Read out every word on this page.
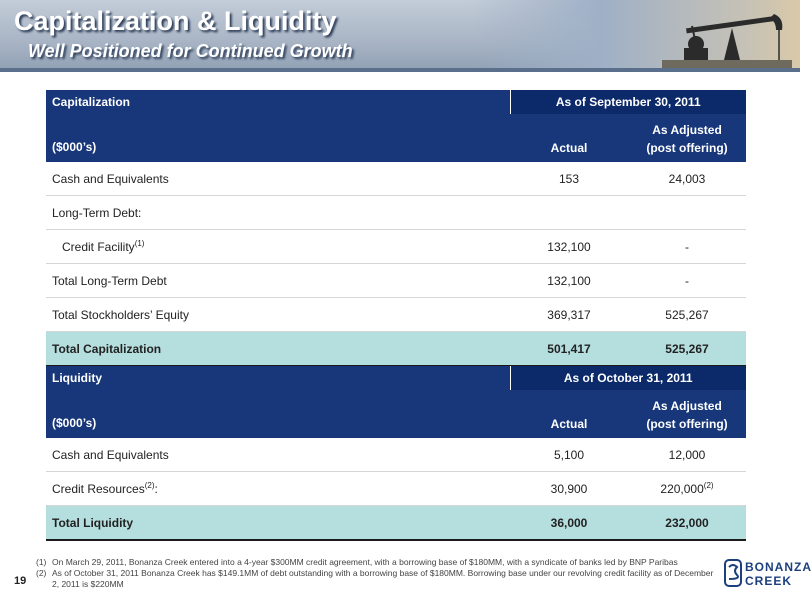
Capitalization & Liquidity
Well Positioned for Continued Growth
Capitalization	As of September 30, 2011	
($000’s)	Actual	As Adjusted
(post offering)

Cash and Equivalents	153	24,003
Long-Term Debt:		
Credit Facility$^{(1)}$	132,100	-
Total Long-Term Debt	132,100	-
Total Stockholders’ Equity	369,317	525,267
Total Capitalization	501,417	525,267
Liquidity	As of October 31, 2011	
($000’s)	Actual	As Adjusted
(post offering)

Cash and Equivalents	5,100	12,000
Credit Resources$^{(2)}$:	30,900	220,000$^{(2)}$
Total Liquidity	36,000	232,000
19
(1) On March 29, 2011, Bonanza Creek entered into a 4-year $300MM credit agreement, with a borrowing base of $180MM, with a syndicate of banks led by BNP Paribas
(2) As of October 31, 2011 Bonanza Creek has $149.1MM of debt outstanding with a borrowing base of $180MM. Borrowing base under our revolving credit facility as of December 2, 2011 is $220MM
BONANZA
CREEK
